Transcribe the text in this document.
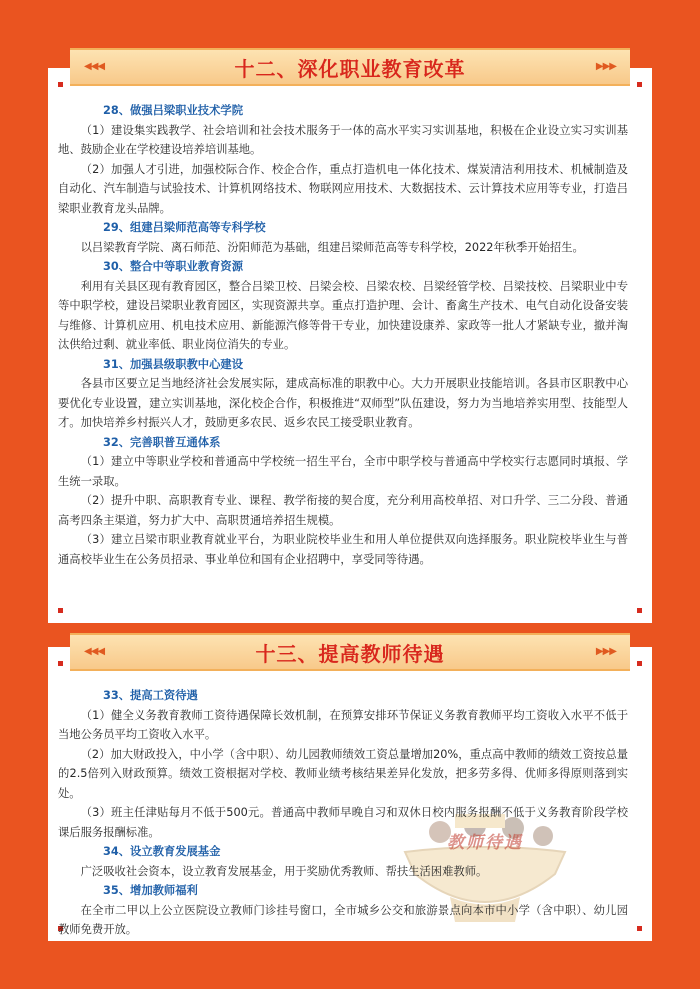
◀◀◀	十二、深化职业教育改革	▶▶▶
28、做强吕梁职业技术学院
（1）建设集实践教学、社会培训和社会技术服务于一体的高水平实习实训基地，积极在企业设立实习实训基地、鼓励企业在学校建设培养培训基地。
（2）加强人才引进，加强校际合作、校企合作，重点打造机电一体化技术、煤炭清洁利用技术、机械制造及自动化、汽车制造与试验技术、计算机网络技术、物联网应用技术、大数据技术、云计算技术应用等专业，打造吕梁职业教育龙头品牌。
29、组建吕梁师范高等专科学校
以吕梁教育学院、离石师范、汾阳师范为基础，组建吕梁师范高等专科学校，2022年秋季开始招生。
30、整合中等职业教育资源
利用有关县区现有教育园区，整合吕梁卫校、吕梁会校、吕梁农校、吕梁经管学校、吕梁技校、吕梁职业中专等中职学校，建设吕梁职业教育园区，实现资源共享。重点打造护理、会计、畜禽生产技术、电气自动化设备安装与维修、计算机应用、机电技术应用、新能源汽修等骨干专业，加快建设康养、家政等一批人才紧缺专业，撤并淘汰供给过剩、就业率低、职业岗位消失的专业。
31、加强县级职教中心建设
各县市区要立足当地经济社会发展实际，建成高标准的职教中心。大力开展职业技能培训。各县市区职教中心要优化专业设置，建立实训基地，深化校企合作，积极推进“双师型”队伍建设，努力为当地培养实用型、技能型人才。加快培养乡村振兴人才，鼓励更多农民、返乡农民工接受职业教育。
32、完善职普互通体系
（1）建立中等职业学校和普通高中学校统一招生平台，全市中职学校与普通高中学校实行志愿同时填报、学生统一录取。
（2）提升中职、高职教育专业、课程、教学衔接的契合度，充分利用高校单招、对口升学、三二分段、普通高考四条主渠道，努力扩大中、高职贯通培养招生规模。
（3）建立吕梁市职业教育就业平台，为职业院校毕业生和用人单位提供双向选择服务。职业院校毕业生与普通高校毕业生在公务员招录、事业单位和国有企业招聘中，享受同等待遇。
◀◀◀	十三、提高教师待遇	▶▶▶
教师待遇
33、提高工资待遇
（1）健全义务教育教师工资待遇保障长效机制，在预算安排环节保证义务教育教师平均工资收入水平不低于当地公务员平均工资收入水平。
（2）加大财政投入，中小学（含中职）、幼儿园教师绩效工资总量增加20%，重点高中教师的绩效工资按总量的2.5倍列入财政预算。绩效工资根据对学校、教师业绩考核结果差异化发放，把多劳多得、优师多得原则落到实处。
（3）班主任津贴每月不低于500元。普通高中教师早晚自习和双休日校内服务报酬不低于义务教育阶段学校课后服务报酬标准。
34、设立教育发展基金
广泛吸收社会资本，设立教育发展基金，用于奖励优秀教师、帮扶生活困难教师。
35、增加教师福利
在全市二甲以上公立医院设立教师门诊挂号窗口，全市城乡公交和旅游景点向本市中小学（含中职）、幼儿园教师免费开放。
